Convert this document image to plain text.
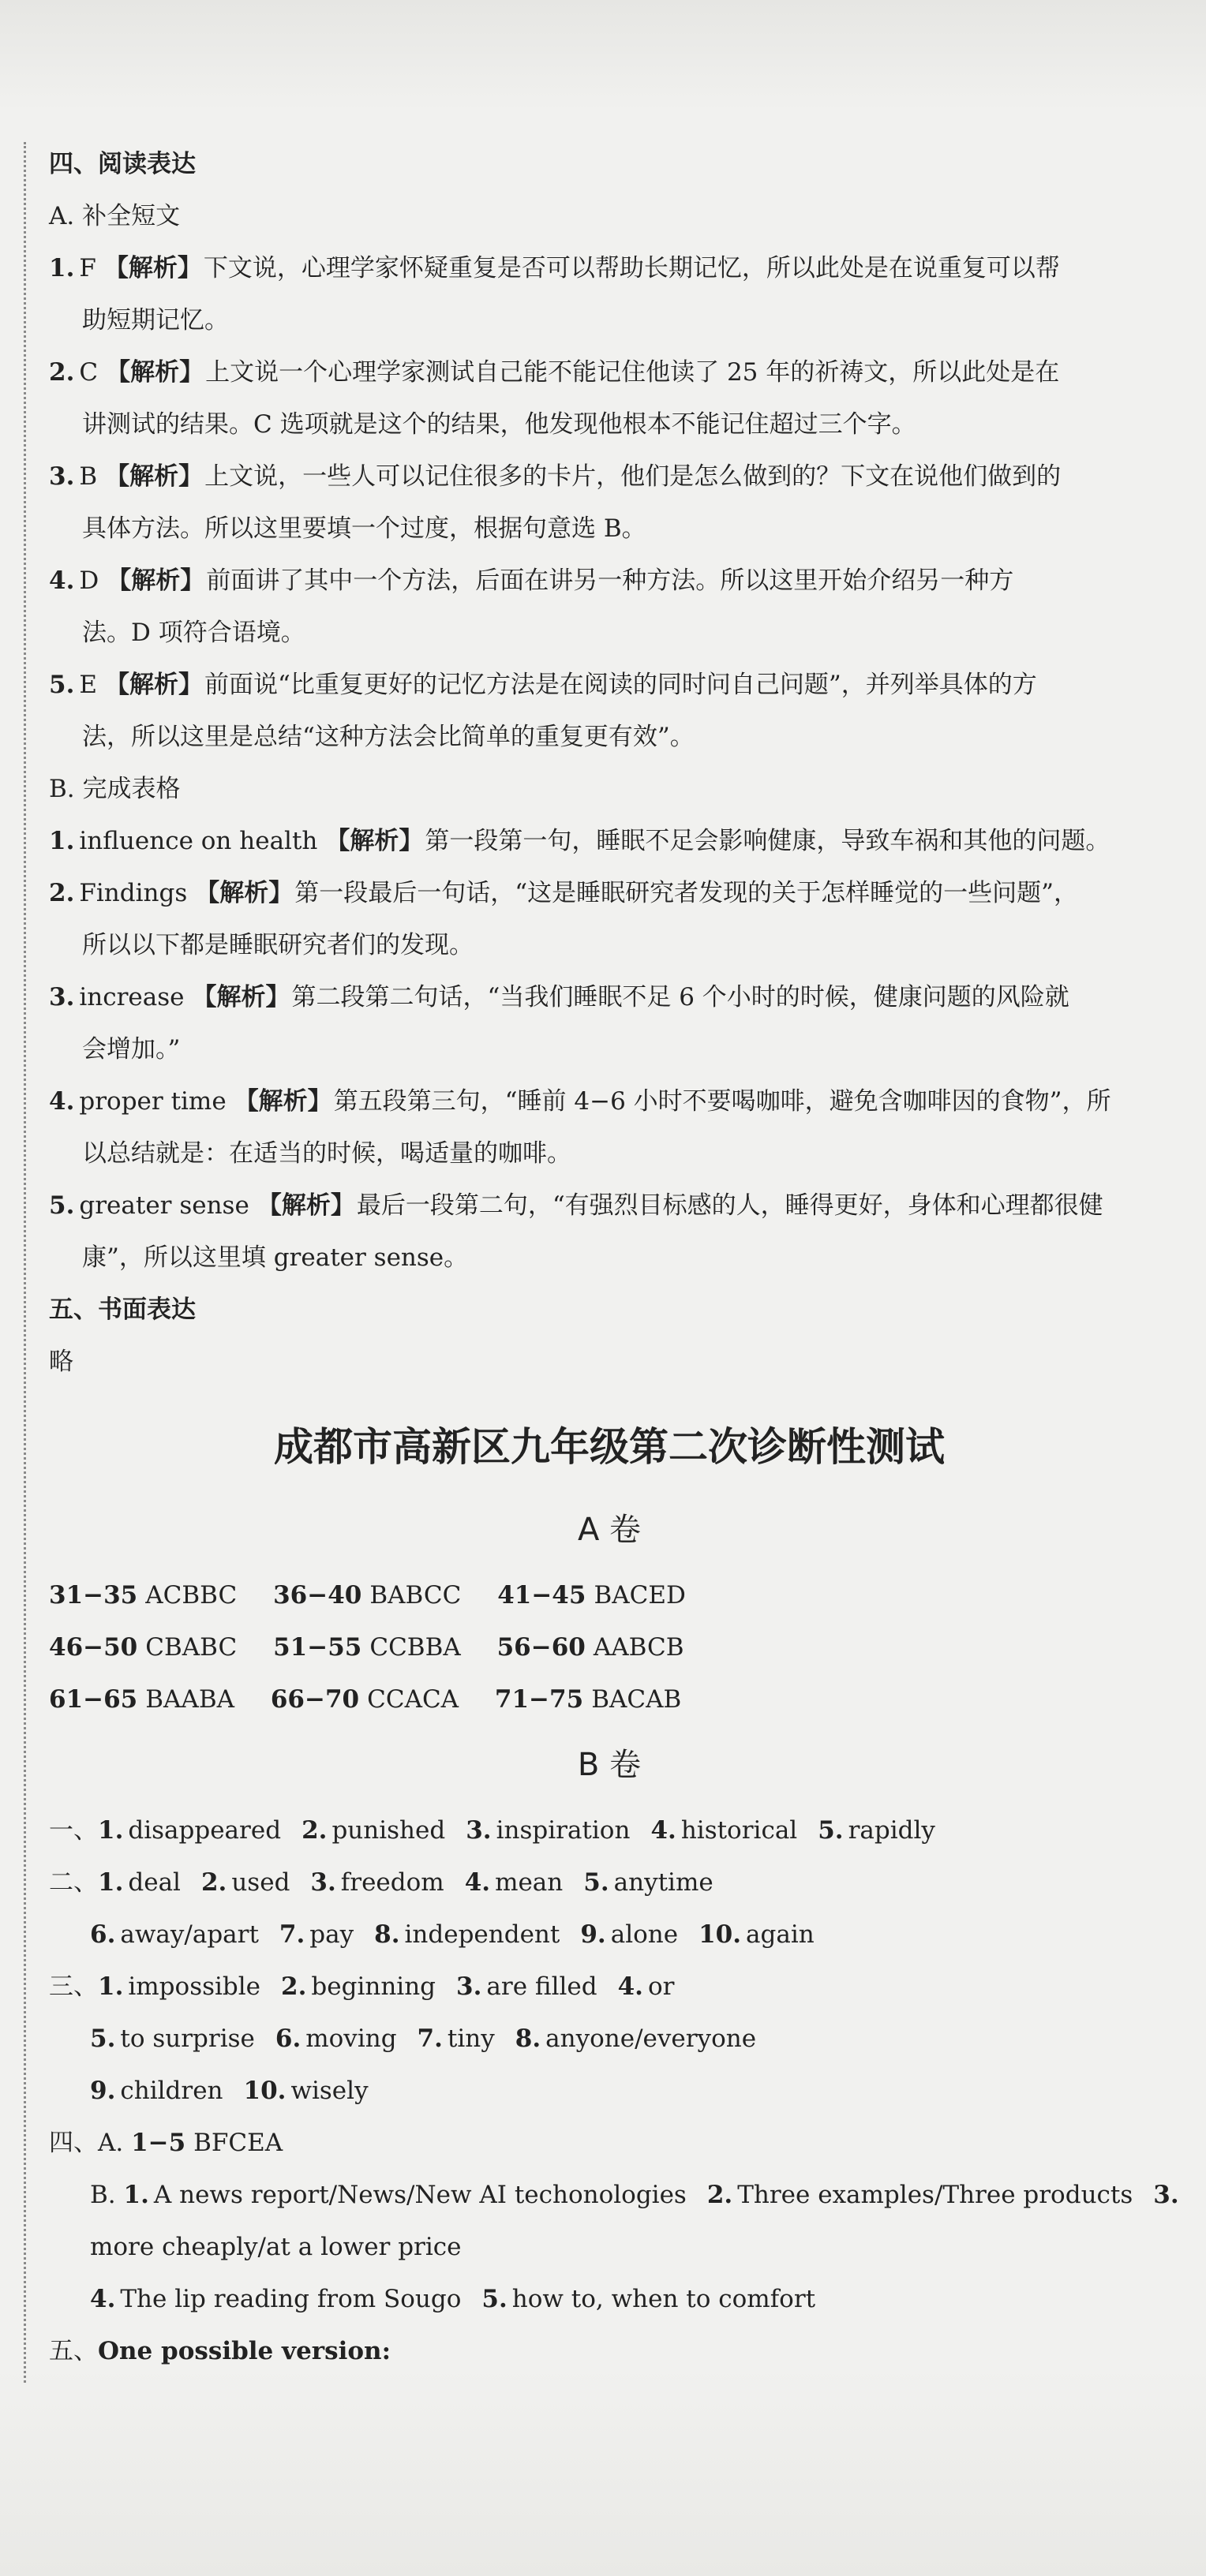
四、阅读表达
A. 补全短文
1. F 【解析】下文说，心理学家怀疑重复是否可以帮助长期记忆，所以此处是在说重复可以帮
助短期记忆。
2. C 【解析】上文说一个心理学家测试自己能不能记住他读了 25 年的祈祷文，所以此处是在
讲测试的结果。C 选项就是这个的结果，他发现他根本不能记住超过三个字。
3. B 【解析】上文说，一些人可以记住很多的卡片，他们是怎么做到的？下文在说他们做到的
具体方法。所以这里要填一个过度，根据句意选 B。
4. D 【解析】前面讲了其中一个方法，后面在讲另一种方法。所以这里开始介绍另一种方
法。D 项符合语境。
5. E 【解析】前面说“比重复更好的记忆方法是在阅读的同时问自己问题”，并列举具体的方
法，所以这里是总结“这种方法会比简单的重复更有效”。
B. 完成表格
1. influence on health 【解析】第一段第一句，睡眠不足会影响健康，导致车祸和其他的问题。
2. Findings 【解析】第一段最后一句话，“这是睡眠研究者发现的关于怎样睡觉的一些问题”，
所以以下都是睡眠研究者们的发现。
3. increase 【解析】第二段第二句话，“当我们睡眠不足 6 个小时的时候，健康问题的风险就
会增加。”
4. proper time 【解析】第五段第三句，“睡前 4−6 小时不要喝咖啡，避免含咖啡因的食物”，所
以总结就是：在适当的时候，喝适量的咖啡。
5. greater sense 【解析】最后一段第二句，“有强烈目标感的人，睡得更好，身体和心理都很健
康”，所以这里填 greater sense。
五、书面表达
略
成都市高新区九年级第二次诊断性测试
A 卷
31−35 ACBBC 36−40 BABCC 41−45 BACED
46−50 CBABC 51−55 CCBBA 56−60 AABCB
61−65 BAABA 66−70 CCACA 71−75 BACAB
B 卷
一、1. disappeared 2. punished 3. inspiration 4. historical 5. rapidly
二、1. deal 2. used 3. freedom 4. mean 5. anytime
6. away/apart 7. pay 8. independent 9. alone 10. again
三、1. impossible 2. beginning 3. are filled 4. or
5. to surprise 6. moving 7. tiny 8. anyone/everyone
9. children 10. wisely
四、A. 1−5 BFCEA
B. 1. A news report/News/New AI techonologies 2. Three examples/Three products 3.
more cheaply/at a lower price
4. The lip reading from Sougo 5. how to, when to comfort
五、One possible version:
